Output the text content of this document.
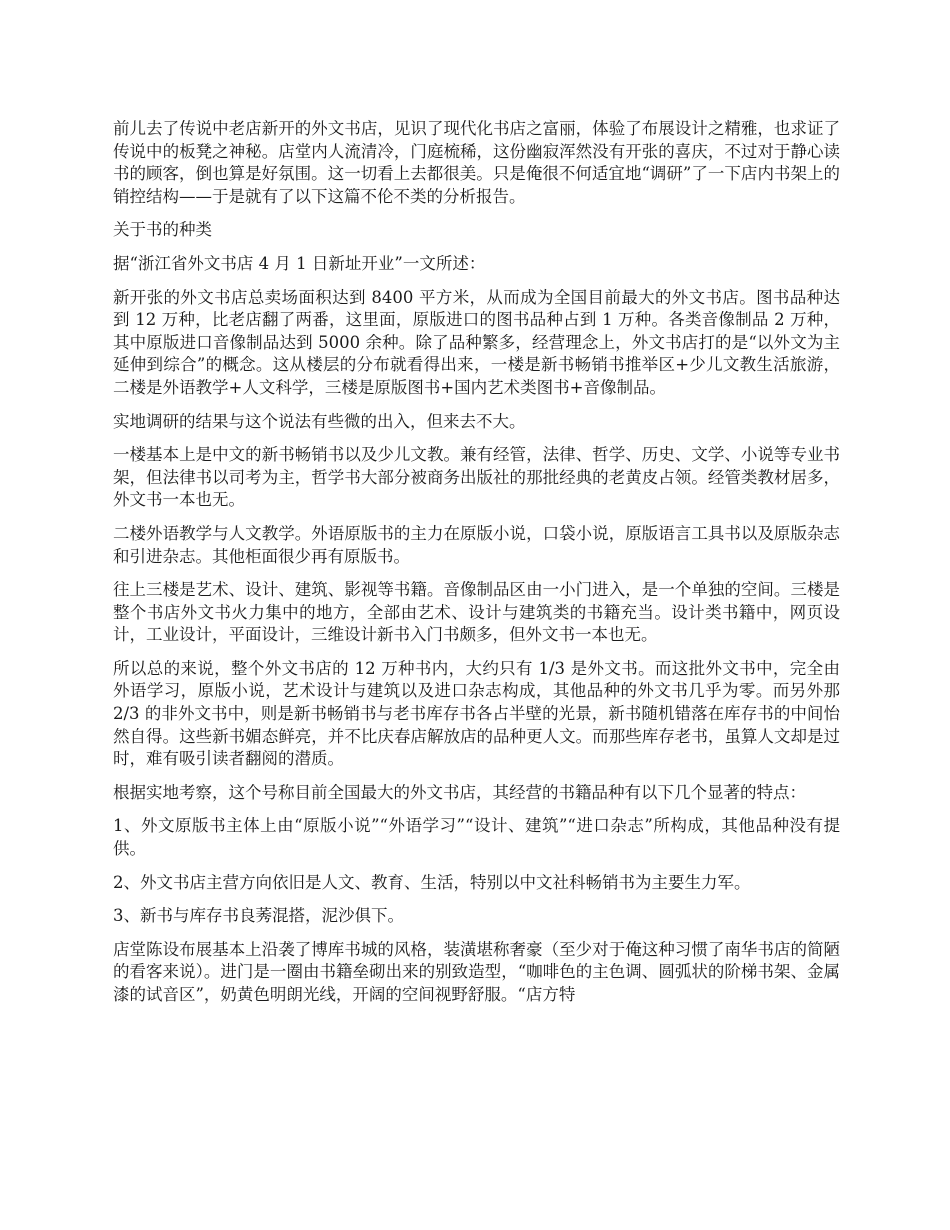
前儿去了传说中老店新开的外文书店，见识了现代化书店之富丽，体验了布展设计之精雅，也求证了传说中的板凳之神秘。店堂内人流清冷，门庭梳稀，这份幽寂浑然没有开张的喜庆，不过对于静心读书的顾客，倒也算是好氛围。这一切看上去都很美。只是俺很不何适宜地“调研”了一下店内书架上的销控结构——于是就有了以下这篇不伦不类的分析报告。

关于书的种类

据“浙江省外文书店 4 月 1 日新址开业”一文所述：

新开张的外文书店总卖场面积达到 8400 平方米，从而成为全国目前最大的外文书店。图书品种达到 12 万种，比老店翻了两番，这里面，原版进口的图书品种占到 1 万种。各类音像制品 2 万种，其中原版进口音像制品达到 5000 余种。除了品种繁多，经营理念上，外文书店打的是“以外文为主延伸到综合”的概念。这从楼层的分布就看得出来，一楼是新书畅销书推举区+少儿文教生活旅游，二楼是外语教学+人文科学，三楼是原版图书+国内艺术类图书+音像制品。

实地调研的结果与这个说法有些微的出入，但来去不大。

一楼基本上是中文的新书畅销书以及少儿文教。兼有经管，法律、哲学、历史、文学、小说等专业书架，但法律书以司考为主，哲学书大部分被商务出版社的那批经典的老黄皮占领。经管类教材居多，外文书一本也无。

二楼外语教学与人文教学。外语原版书的主力在原版小说，口袋小说，原版语言工具书以及原版杂志和引进杂志。其他柜面很少再有原版书。

往上三楼是艺术、设计、建筑、影视等书籍。音像制品区由一小门进入，是一个单独的空间。三楼是整个书店外文书火力集中的地方，全部由艺术、设计与建筑类的书籍充当。设计类书籍中，网页设计，工业设计，平面设计，三维设计新书入门书颇多，但外文书一本也无。

所以总的来说，整个外文书店的 12 万种书内，大约只有 1/3 是外文书。而这批外文书中，完全由外语学习，原版小说，艺术设计与建筑以及进口杂志构成，其他品种的外文书几乎为零。而另外那 2/3 的非外文书中，则是新书畅销书与老书库存书各占半壁的光景，新书随机错落在库存书的中间怡然自得。这些新书媚态鲜亮，并不比庆春店解放店的品种更人文。而那些库存老书，虽算人文却是过时，难有吸引读者翻阅的潜质。

根据实地考察，这个号称目前全国最大的外文书店，其经营的书籍品种有以下几个显著的特点：

1、外文原版书主体上由“原版小说”“外语学习”“设计、建筑”“进口杂志”所构成，其他品种没有提供。

2、外文书店主营方向依旧是人文、教育、生活，特别以中文社科畅销书为主要生力军。

3、新书与库存书良莠混搭，泥沙俱下。

店堂陈设布展基本上沿袭了博库书城的风格，装潢堪称奢豪（至少对于俺这种习惯了南华书店的简陋的看客来说）。进门是一圈由书籍垒砌出来的别致造型，“咖啡色的主色调、圆弧状的阶梯书架、金属漆的试音区”，奶黄色明朗光线，开阔的空间视野舒服。“店方特
